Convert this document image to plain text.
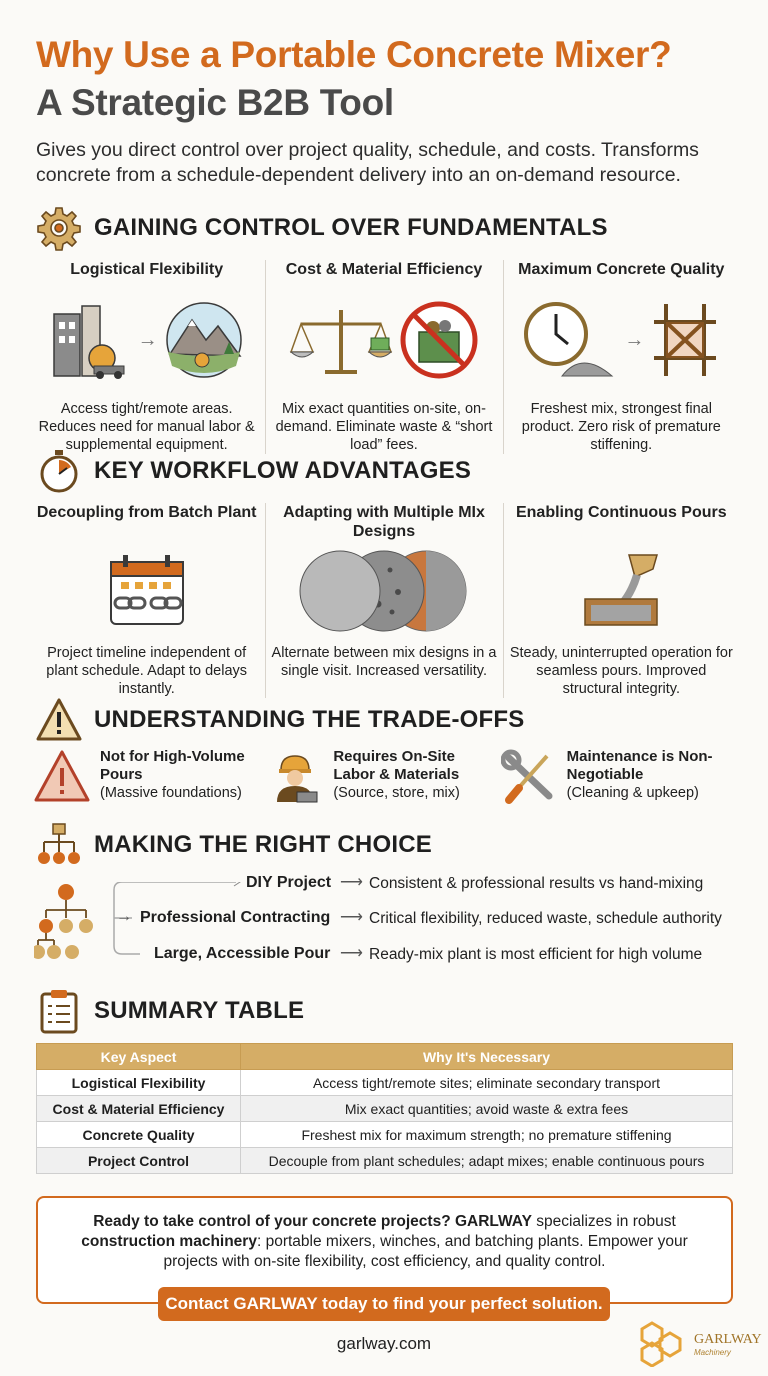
Why Use a Portable Concrete Mixer?
A Strategic B2B Tool
Gives you direct control over project quality, schedule, and costs. Transforms concrete from a schedule-dependent delivery into an on-demand resource.
GAINING CONTROL OVER FUNDAMENTALS
Logistical Flexibility
→

Access tight/remote areas. Reduces need for manual labor & supplemental equipment.

Cost & Material Efficiency

Mix exact quantities on-site, on-demand. Eliminate waste & “short load” fees.

Maximum Concrete Quality
→

Freshest mix, strongest final product. Zero risk of premature stiffening.

KEY WORKFLOW ADVANTAGES
Decoupling from Batch Plant

Project timeline independent of plant schedule. Adapt to delays instantly.

Adapting with Multiple MIx Designs

Alternate between mix designs in a single visit. Increased versatility.

Enabling Continuous Pours

Steady, uninterrupted operation for seamless pours. Improved structural integrity.

UNDERSTANDING THE TRADE-OFFS
Not for High-Volume Pours
(Massive foundations)
Requires On-Site Labor & Materials
(Source, store, mix)
Maintenance is Non-Negotiable
(Cleaning & upkeep)
MAKING THE RIGHT CHOICE
DIY Project ⟶ Consistent & professional results vs hand-mixing
→ Professional Contracting ⟶ Critical flexibility, reduced waste, schedule authority
Large, Accessible Pour ⟶ Ready-mix plant is most efficient for high volume
SUMMARY TABLE
Key Aspect	Why It's Necessary
Logistical Flexibility	Access tight/remote sites; eliminate secondary transport
Cost & Material Efficiency	Mix exact quantities; avoid waste & extra fees
Concrete Quality	Freshest mix for maximum strength; no premature stiffening
Project Control	Decouple from plant schedules; adapt mixes; enable continuous pours
Ready to take control of your concrete projects? GARLWAY specializes in robust construction machinery: portable mixers, winches, and batching plants. Empower your projects with on-site flexibility, cost efficiency, and quality control.
Contact GARLWAY today to find your perfect solution.
garlway.com	GARLWAY
Machinery
